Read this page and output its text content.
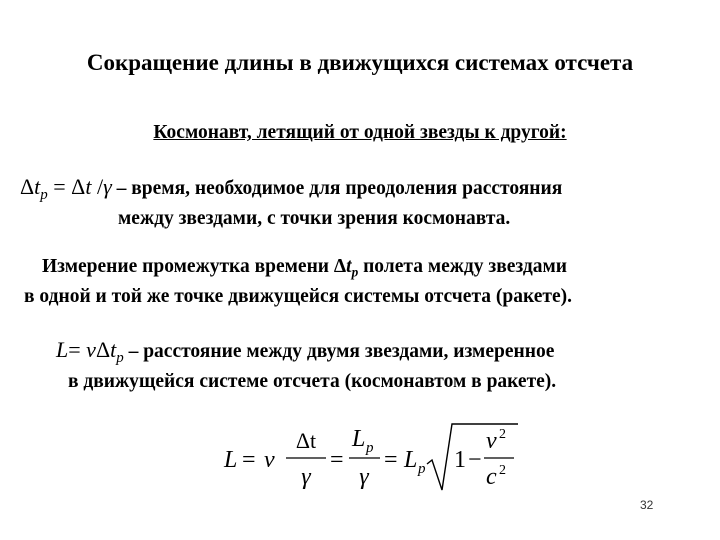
Сокращение длины в движущихся системах отсчета
Космонавт, летящий от одной звезды к другой:
$\Delta t_p = \Delta t$ /γ – время, необходимое для преодоления расстояния
между звездами, с точки зрения космонавта.
Измерение промежутка времени $\Delta t_p$ полета между звездами
в одной и той же точке движущейся системы отсчета (ракете).
L= vΔt$_p$ – расстояние между двумя звездами, измеренное
в движущейся системе отсчета (космонавтом в ракете).
L = v
Δt
γ
=
L p
γ
= L p 1 −
v 2
c 2
32
